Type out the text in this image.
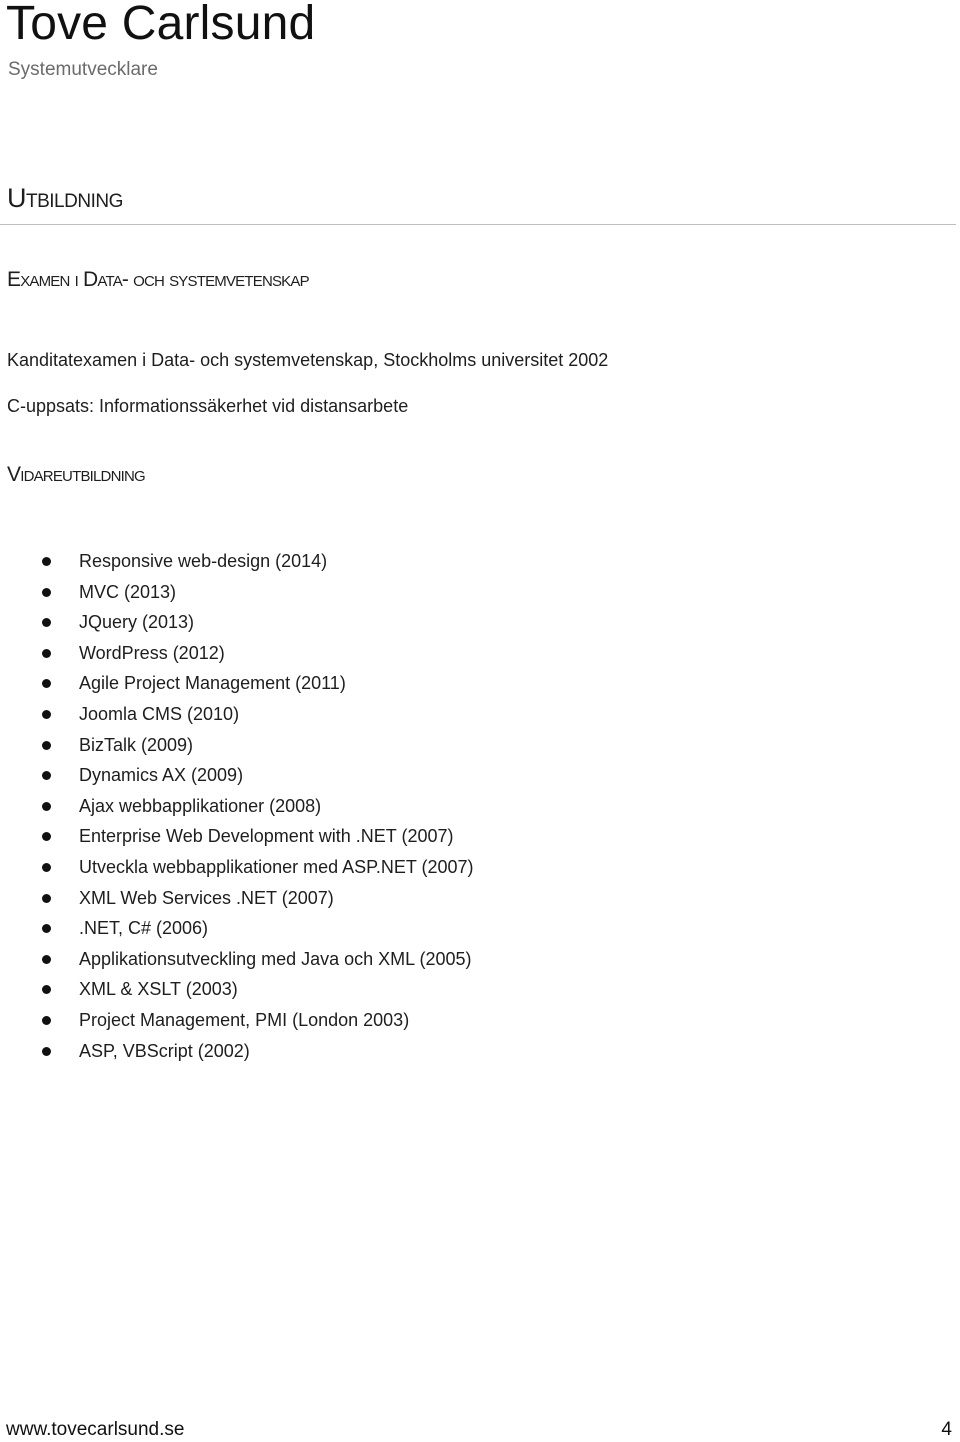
Tove Carlsund

Systemutvecklare

Utbildning
Examen i Data- och systemvetenskap

Kanditatexamen i Data- och systemvetenskap, Stockholms universitet 2002

C-uppsats: Informationssäkerhet vid distansarbete

Vidareutbildning
Responsive web-design (2014)
MVC (2013)
JQuery (2013)
WordPress (2012)
Agile Project Management (2011)
Joomla CMS (2010)
BizTalk (2009)
Dynamics AX (2009)
Ajax webbapplikationer (2008)
Enterprise Web Development with .NET (2007)
Utveckla webbapplikationer med ASP.NET (2007)
XML Web Services .NET (2007)
.NET, C# (2006)
Applikationsutveckling med Java och XML (2005)
XML & XSLT (2003)
Project Management, PMI (London 2003)
ASP, VBScript (2002)

www.tovecarlsund.se	4
